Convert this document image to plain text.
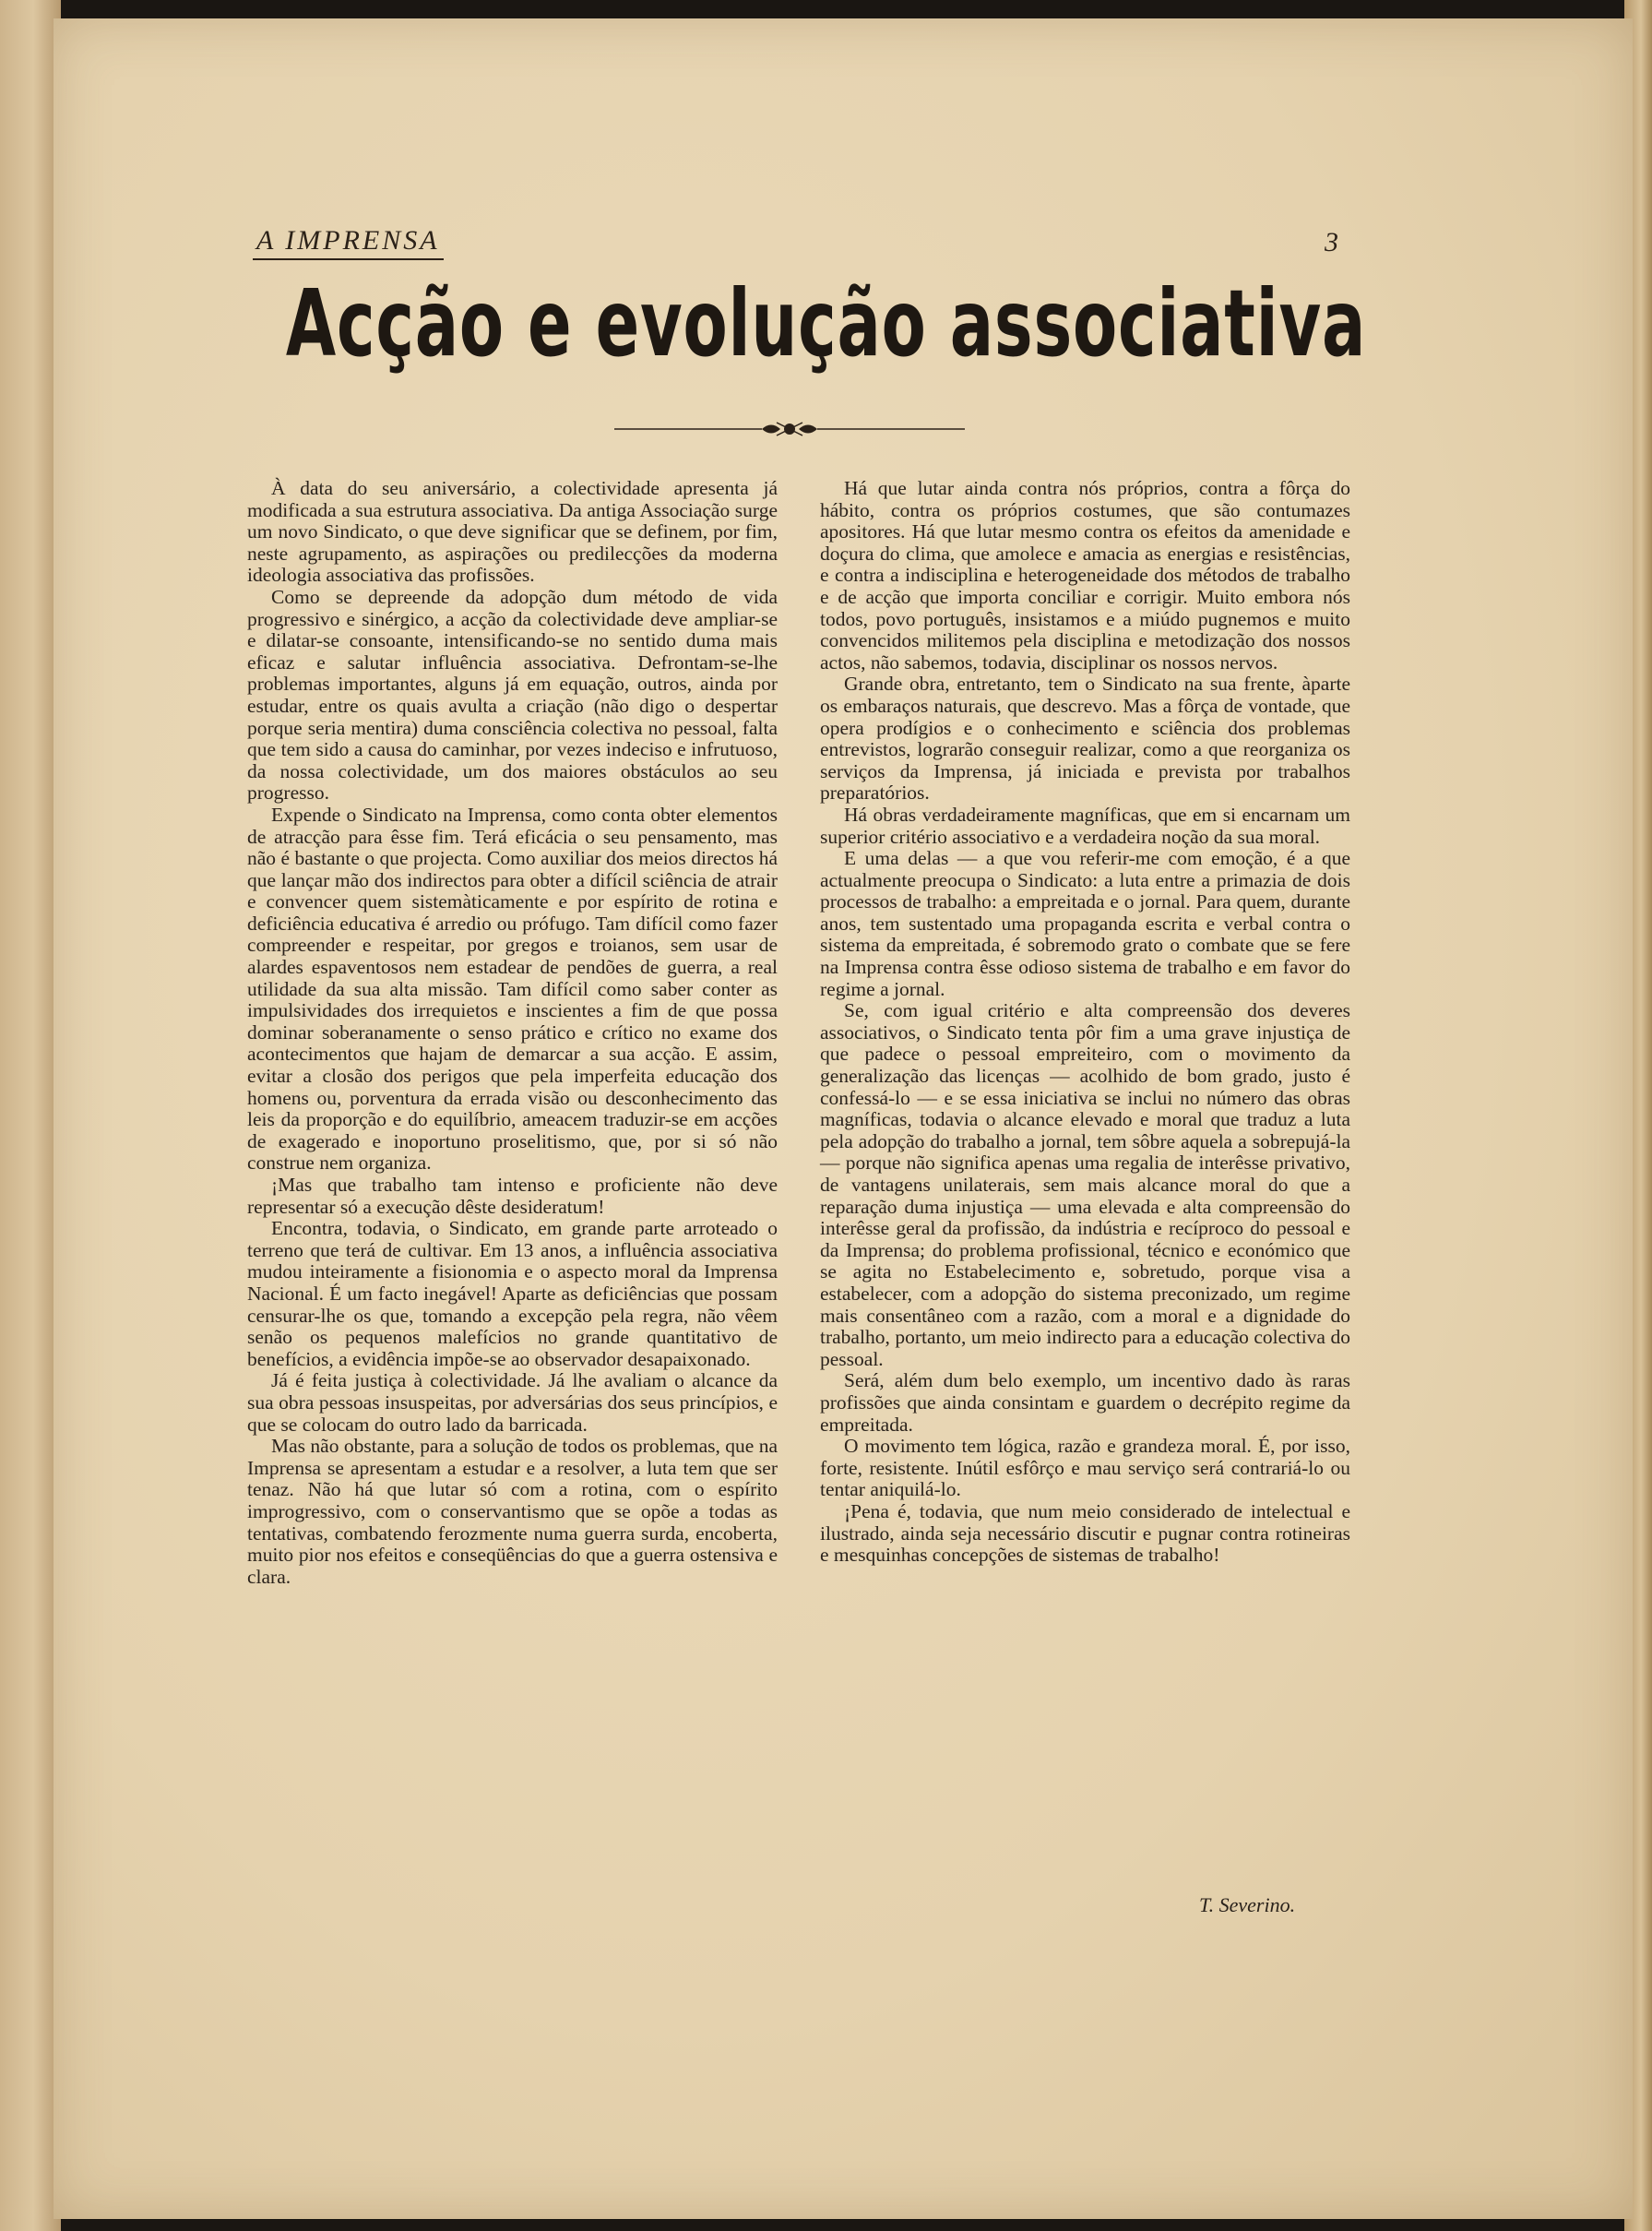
A IMPRENSA	3
Acção e evolução associativa

À data do seu aniversário, a colectividade apresenta já modificada a sua estrutura associativa. Da antiga Associação surge um novo Sindicato, o que deve significar que se definem, por fim, neste agrupamento, as aspirações ou predilecções da moderna ideologia associativa das profissões.

Como se depreende da adopção dum método de vida progressivo e sinérgico, a acção da colectividade deve ampliar-se e dilatar-se consoante, intensificando-se no sentido duma mais eficaz e salutar influência associativa. Defrontam-se-lhe problemas importantes, alguns já em equação, outros, ainda por estudar, entre os quais avulta a criação (não digo o despertar porque seria mentira) duma consciência colectiva no pessoal, falta que tem sido a causa do caminhar, por vezes indeciso e infrutuoso, da nossa colectividade, um dos maiores obstáculos ao seu progresso.

Expende o Sindicato na Imprensa, como conta obter elementos de atracção para êsse fim. Terá eficácia o seu pensamento, mas não é bastante o que projecta. Como auxiliar dos meios directos há que lançar mão dos indirectos para obter a difícil sciência de atrair e convencer quem sistemàticamente e por espírito de rotina e deficiência educativa é arredio ou prófugo. Tam difícil como fazer compreender e respeitar, por gregos e troianos, sem usar de alardes espaventosos nem estadear de pendões de guerra, a real utilidade da sua alta missão. Tam difícil como saber conter as impulsividades dos irrequietos e inscientes a fim de que possa dominar soberanamente o senso prático e crítico no exame dos acontecimentos que hajam de demarcar a sua acção. E assim, evitar a closão dos perigos que pela imperfeita educação dos homens ou, porventura da errada visão ou desconhecimento das leis da proporção e do equilíbrio, ameacem traduzir-se em acções de exagerado e inoportuno proselitismo, que, por si só não construe nem organiza.

¡Mas que trabalho tam intenso e proficiente não deve representar só a execução dêste desideratum!

Encontra, todavia, o Sindicato, em grande parte arroteado o terreno que terá de cultivar. Em 13 anos, a influência associativa mudou inteiramente a fisionomia e o aspecto moral da Imprensa Nacional. É um facto inegável! Aparte as deficiências que possam censurar-lhe os que, tomando a excepção pela regra, não vêem senão os pequenos malefícios no grande quantitativo de benefícios, a evidência impõe-se ao observador desapaixonado.

Já é feita justiça à colectividade. Já lhe avaliam o alcance da sua obra pessoas insuspeitas, por adversárias dos seus princípios, e que se colocam do outro lado da barricada.

Mas não obstante, para a solução de todos os problemas, que na Imprensa se apresentam a estudar e a resolver, a luta tem que ser tenaz. Não há que lutar só com a rotina, com o espírito improgressivo, com o conservantismo que se opõe a todas as tentativas, combatendo ferozmente numa guerra surda, encoberta, muito pior nos efeitos e conseqüências do que a guerra ostensiva e clara.

Há que lutar ainda contra nós próprios, contra a fôrça do hábito, contra os próprios costumes, que são contumazes apositores. Há que lutar mesmo contra os efeitos da amenidade e doçura do clima, que amolece e amacia as energias e resistências, e contra a indisciplina e heterogeneidade dos métodos de trabalho e de acção que importa conciliar e corrigir. Muito embora nós todos, povo português, insistamos e a miúdo pugnemos e muito convencidos militemos pela disciplina e metodização dos nossos actos, não sabemos, todavia, disciplinar os nossos nervos.

Grande obra, entretanto, tem o Sindicato na sua frente, àparte os embaraços naturais, que descrevo. Mas a fôrça de vontade, que opera prodígios e o conhecimento e sciência dos problemas entrevistos, lograrão conseguir realizar, como a que reorganiza os serviços da Imprensa, já iniciada e prevista por trabalhos preparatórios.

Há obras verdadeiramente magníficas, que em si encarnam um superior critério associativo e a verdadeira noção da sua moral.

E uma delas — a que vou referir-me com emoção, é a que actualmente preocupa o Sindicato: a luta entre a primazia de dois processos de trabalho: a empreitada e o jornal. Para quem, durante anos, tem sustentado uma propaganda escrita e verbal contra o sistema da empreitada, é sobremodo grato o combate que se fere na Imprensa contra êsse odioso sistema de trabalho e em favor do regime a jornal.

Se, com igual critério e alta compreensão dos deveres associativos, o Sindicato tenta pôr fim a uma grave injustiça de que padece o pessoal empreiteiro, com o movimento da generalização das licenças — acolhido de bom grado, justo é confessá-lo — e se essa iniciativa se inclui no número das obras magníficas, todavia o alcance elevado e moral que traduz a luta pela adopção do trabalho a jornal, tem sôbre aquela a sobrepujá-la — porque não significa apenas uma regalia de interêsse privativo, de vantagens unilaterais, sem mais alcance moral do que a reparação duma injustiça — uma elevada e alta compreensão do interêsse geral da profissão, da indústria e recíproco do pessoal e da Imprensa; do problema profissional, técnico e económico que se agita no Estabelecimento e, sobretudo, porque visa a estabelecer, com a adopção do sistema preconizado, um regime mais consentâneo com a razão, com a moral e a dignidade do trabalho, portanto, um meio indirecto para a educação colectiva do pessoal.

Será, além dum belo exemplo, um incentivo dado às raras profissões que ainda consintam e guardem o decrépito regime da empreitada.

O movimento tem lógica, razão e grandeza moral. É, por isso, forte, resistente. Inútil esfôrço e mau serviço será contrariá-lo ou tentar aniquilá-lo.

¡Pena é, todavia, que num meio considerado de intelectual e ilustrado, ainda seja necessário discutir e pugnar contra rotineiras e mesquinhas concepções de sistemas de trabalho!

T. Severino.
